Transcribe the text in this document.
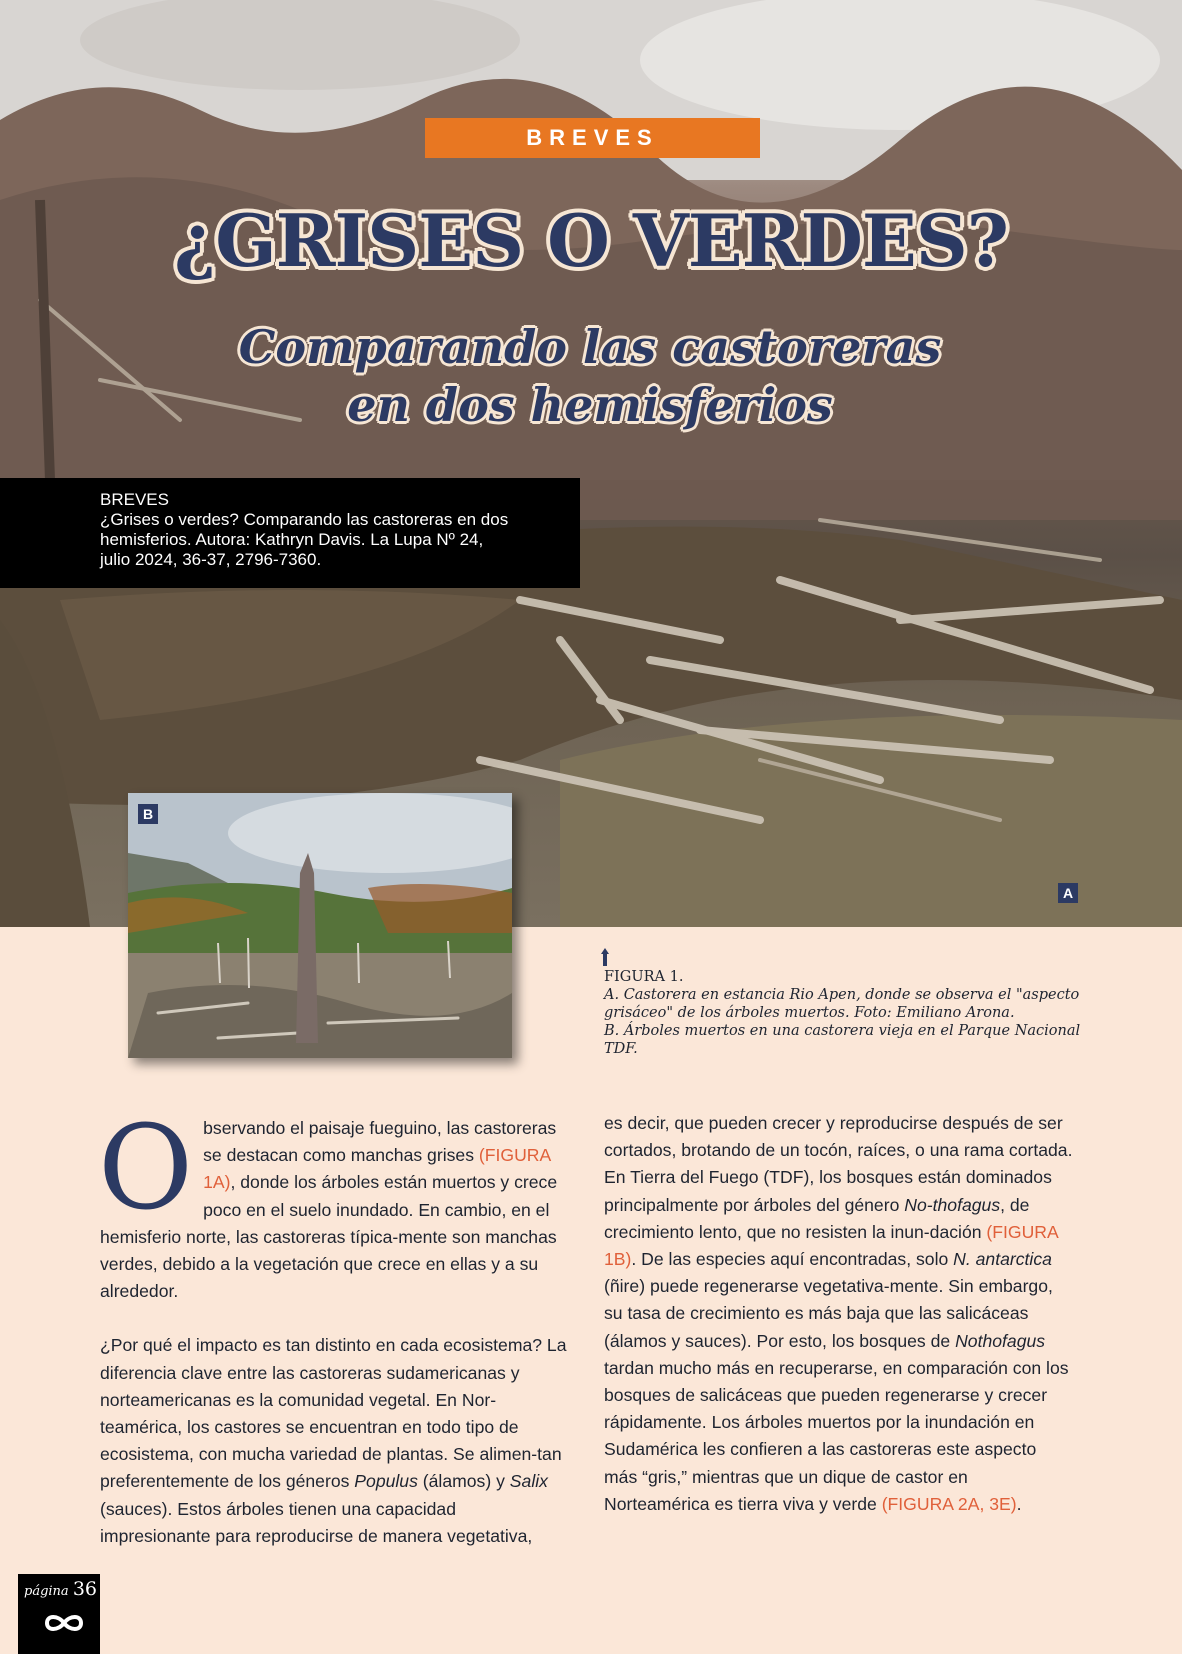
A
BREVES
¿GRISES O VERDES?
Comparando las castoreras
en dos hemisferios
BREVES
¿Grises o verdes? Comparando las castoreras en dos
hemisferios. Autora: Kathryn Davis. La Lupa Nº 24,
julio 2024, 36-37, 2796-7360.
B
FIGURA 1.
A. Castorera en estancia Rio Apen, donde se observa el "aspecto grisáceo" de los árboles muertos. Foto: Emiliano Arona.
B. Árboles muertos en una castorera vieja en el Parque Nacional TDF.

Observando el paisaje fueguino, las castoreras se destacan como manchas grises (FIGURA 1A), donde los árboles están muertos y crece poco en el suelo inundado. En cambio, en el hemisferio norte, las castoreras típica-mente son manchas verdes, debido a la vegetación que crece en ellas y a su alrededor.

¿Por qué el impacto es tan distinto en cada ecosistema? La diferencia clave entre las castoreras sudamericanas y norteamericanas es la comunidad vegetal. En Nor-teamérica, los castores se encuentran en todo tipo de ecosistema, con mucha variedad de plantas. Se alimen-tan preferentemente de los géneros Populus (álamos) y Salix (sauces). Estos árboles tienen una capacidad impresionante para reproducirse de manera vegetativa,

es decir, que pueden crecer y reproducirse después de ser cortados, brotando de un tocón, raíces, o una rama cortada. En Tierra del Fuego (TDF), los bosques están dominados principalmente por árboles del género No-thofagus, de crecimiento lento, que no resisten la inun-dación (FIGURA 1B). De las especies aquí encontradas, solo N. antarctica (ñire) puede regenerarse vegetativa-mente. Sin embargo, su tasa de crecimiento es más baja que las salicáceas (álamos y sauces). Por esto, los bosques de Nothofagus tardan mucho más en recuperarse, en comparación con los bosques de salicáceas que pueden regenerarse y crecer rápidamente. Los árboles muertos por la inundación en Sudamérica les confieren a las castoreras este aspecto más “gris,” mientras que un dique de castor en Norteamérica es tierra viva y verde (FIGURA 2A, 3E).

página 36
